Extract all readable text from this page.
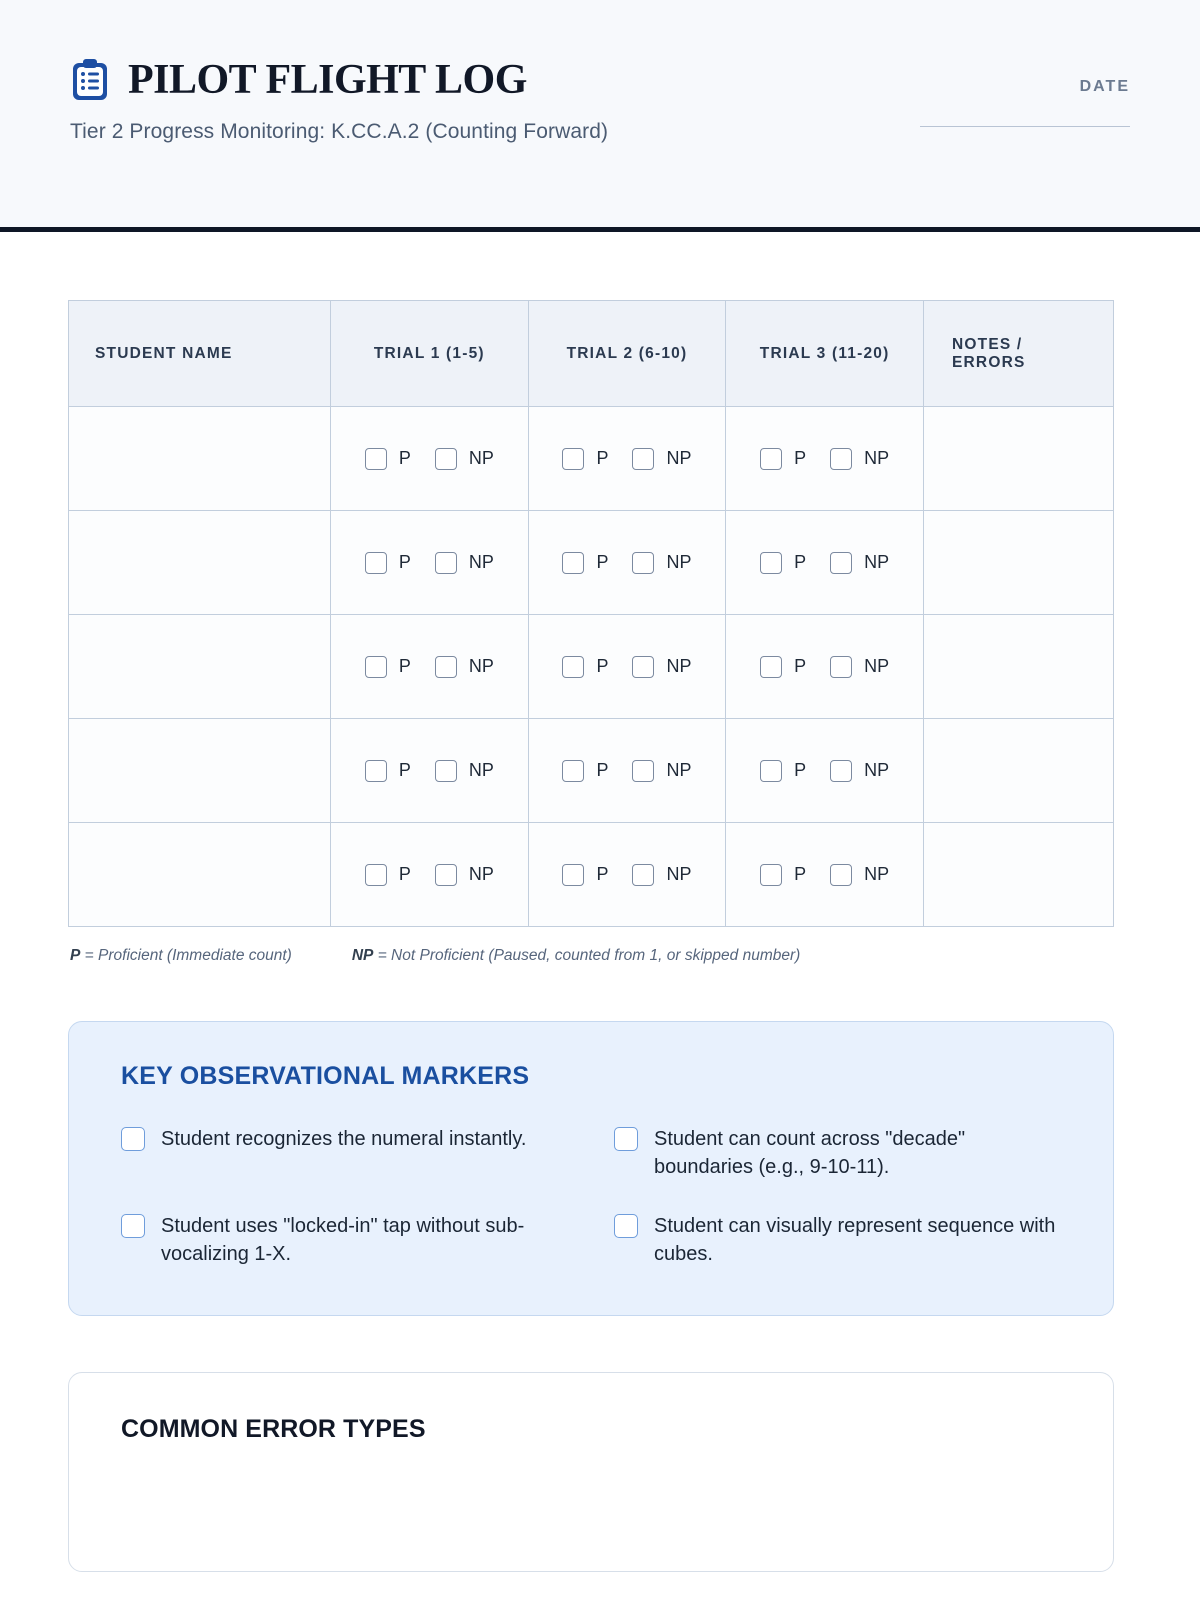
PILOT FLIGHT LOG
Tier 2 Progress Monitoring: K.CC.A.2 (Counting Forward)
DATE
STUDENT NAME	TRIAL 1 (1-5)	TRIAL 2 (6-10)	TRIAL 3 (11-20)	NOTES / ERRORS

	P NP	P NP	P NP	

	P NP	P NP	P NP	

	P NP	P NP	P NP	

	P NP	P NP	P NP	

	P NP	P NP	P NP	

P = Proficient (Immediate count)	NP = Not Proficient (Paused, counted from 1, or skipped number)
KEY OBSERVATIONAL MARKERS
Student recognizes the numeral instantly.	Student can count across "decade" boundaries (e.g., 9-10-11).
Student uses "locked-in" tap without sub-vocalizing 1-X.
Student can visually represent sequence with cubes.
COMMON ERROR TYPES
